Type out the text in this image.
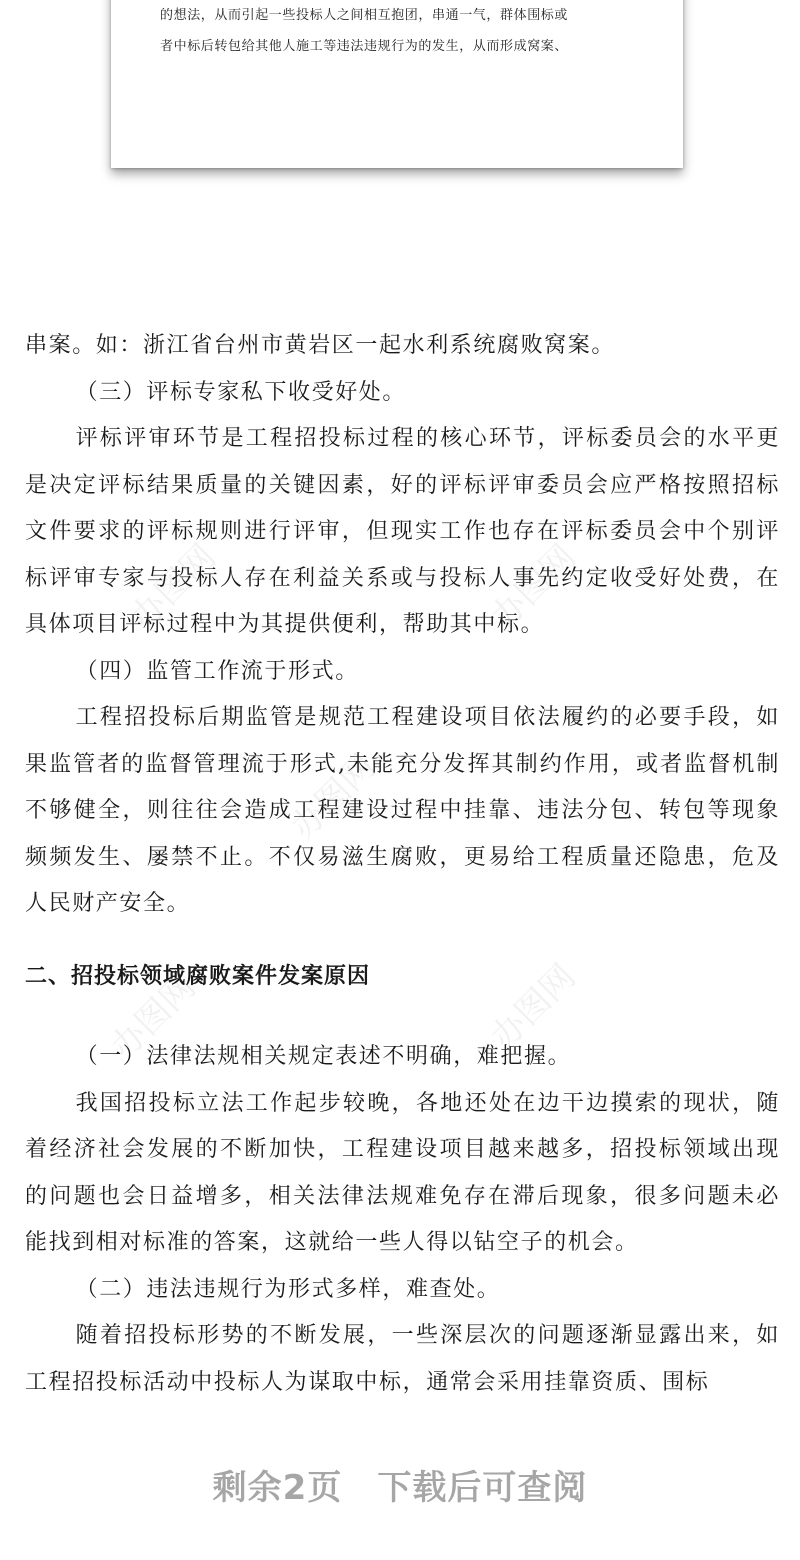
的想法，从而引起一些投标人之间相互抱团，串通一气，群体围标或
者中标后转包给其他人施工等违法违规行为的发生，从而形成窝案、
办图网	办图网
办图网
办图网
办图网

串案。如：浙江省台州市黄岩区一起水利系统腐败窝案。

（三）评标专家私下收受好处。

评标评审环节是工程招投标过程的核心环节，评标委员会的水平更是决定评标结果质量的关键因素，好的评标评审委员会应严格按照招标文件要求的评标规则进行评审，但现实工作也存在评标委员会中个别评标评审专家与投标人存在利益关系或与投标人事先约定收受好处费，在具体项目评标过程中为其提供便利，帮助其中标。

（四）监管工作流于形式。

工程招投标后期监管是规范工程建设项目依法履约的必要手段，如果监管者的监督管理流于形式,未能充分发挥其制约作用，或者监督机制不够健全，则往往会造成工程建设过程中挂靠、违法分包、转包等现象频频发生、屡禁不止。不仅易滋生腐败，更易给工程质量还隐患，危及人民财产安全。

二、招投标领域腐败案件发案原因

（一）法律法规相关规定表述不明确，难把握。

我国招投标立法工作起步较晚，各地还处在边干边摸索的现状，随着经济社会发展的不断加快，工程建设项目越来越多，招投标领域出现的问题也会日益增多，相关法律法规难免存在滞后现象，很多问题未必能找到相对标准的答案，这就给一些人得以钻空子的机会。

（二）违法违规行为形式多样，难查处。

随着招投标形势的不断发展，一些深层次的问题逐渐显露出来，如工程招投标活动中投标人为谋取中标，通常会采用挂靠资质、围标

剩余2页　下载后可查阅
